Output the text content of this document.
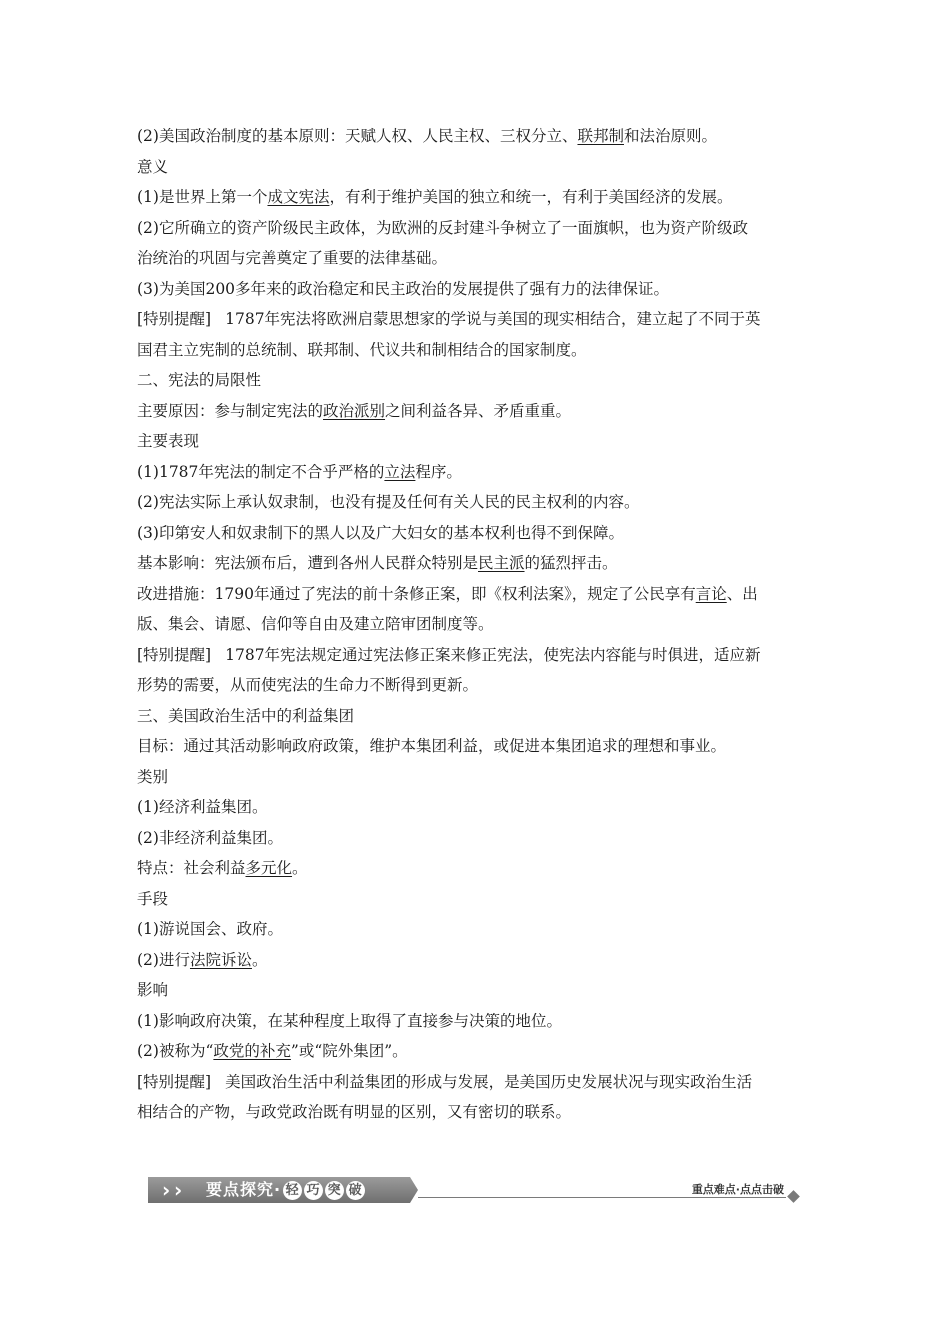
(2)美国政治制度的基本原则：天赋人权、人民主权、三权分立、联邦制和法治原则。
意义
(1)是世界上第一个成文宪法，有利于维护美国的独立和统一，有利于美国经济的发展。
(2)它所确立的资产阶级民主政体，为欧洲的反封建斗争树立了一面旗帜，也为资产阶级政
治统治的巩固与完善奠定了重要的法律基础。
(3)为美国200多年来的政治稳定和民主政治的发展提供了强有力的法律保证。
[特别提醒] 1787年宪法将欧洲启蒙思想家的学说与美国的现实相结合，建立起了不同于英
国君主立宪制的总统制、联邦制、代议共和制相结合的国家制度。
二、宪法的局限性
主要原因：参与制定宪法的政治派别之间利益各异、矛盾重重。
主要表现
(1)1787年宪法的制定不合乎严格的立法程序。
(2)宪法实际上承认奴隶制，也没有提及任何有关人民的民主权利的内容。
(3)印第安人和奴隶制下的黑人以及广大妇女的基本权利也得不到保障。
基本影响：宪法颁布后，遭到各州人民群众特别是民主派的猛烈抨击。
改进措施：1790年通过了宪法的前十条修正案，即《权利法案》，规定了公民享有言论、出
版、集会、请愿、信仰等自由及建立陪审团制度等。
[特别提醒] 1787年宪法规定通过宪法修正案来修正宪法，使宪法内容能与时俱进，适应新
形势的需要，从而使宪法的生命力不断得到更新。
三、美国政治生活中的利益集团
目标：通过其活动影响政府政策，维护本集团利益，或促进本集团追求的理想和事业。
类别
(1)经济利益集团。
(2)非经济利益集团。
特点：社会利益多元化。
手段
(1)游说国会、政府。
(2)进行法院诉讼。
影响
(1)影响政府决策，在某种程度上取得了直接参与决策的地位。
(2)被称为“政党的补充”或“院外集团”。
[特别提醒] 美国政治生活中利益集团的形成与发展，是美国历史发展状况与现实政治生活
相结合的产物，与政党政治既有明显的区别，又有密切的联系。
› ›	要点探究· 轻 巧 突 破	重点难点·点点击破
